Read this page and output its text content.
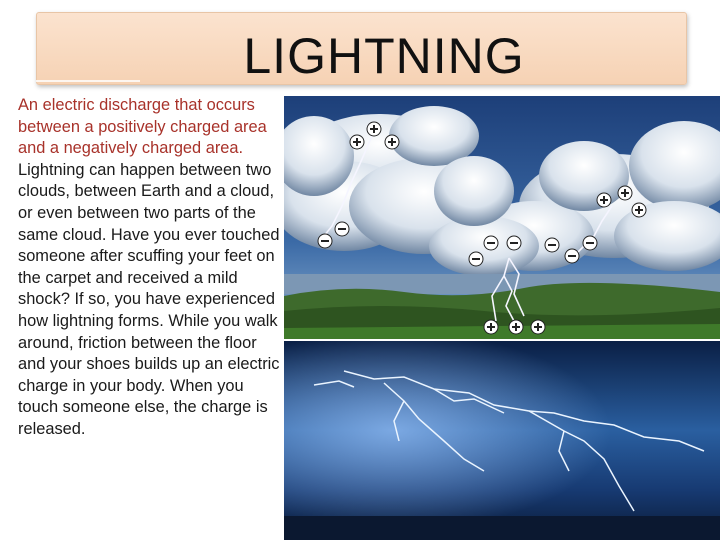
LIGHTNING
An electric discharge that occurs between a positively charged area and a negatively charged area. Lightning can happen between two clouds, between Earth and a cloud, or even between two parts of the same cloud. Have you ever touched someone after scuffing your feet on the carpet and received a mild shock? If so, you have experienced how lightning forms. While you walk around, friction between the floor and your shoes builds up an electric charge in your body. When you touch someone else, the charge is released.
